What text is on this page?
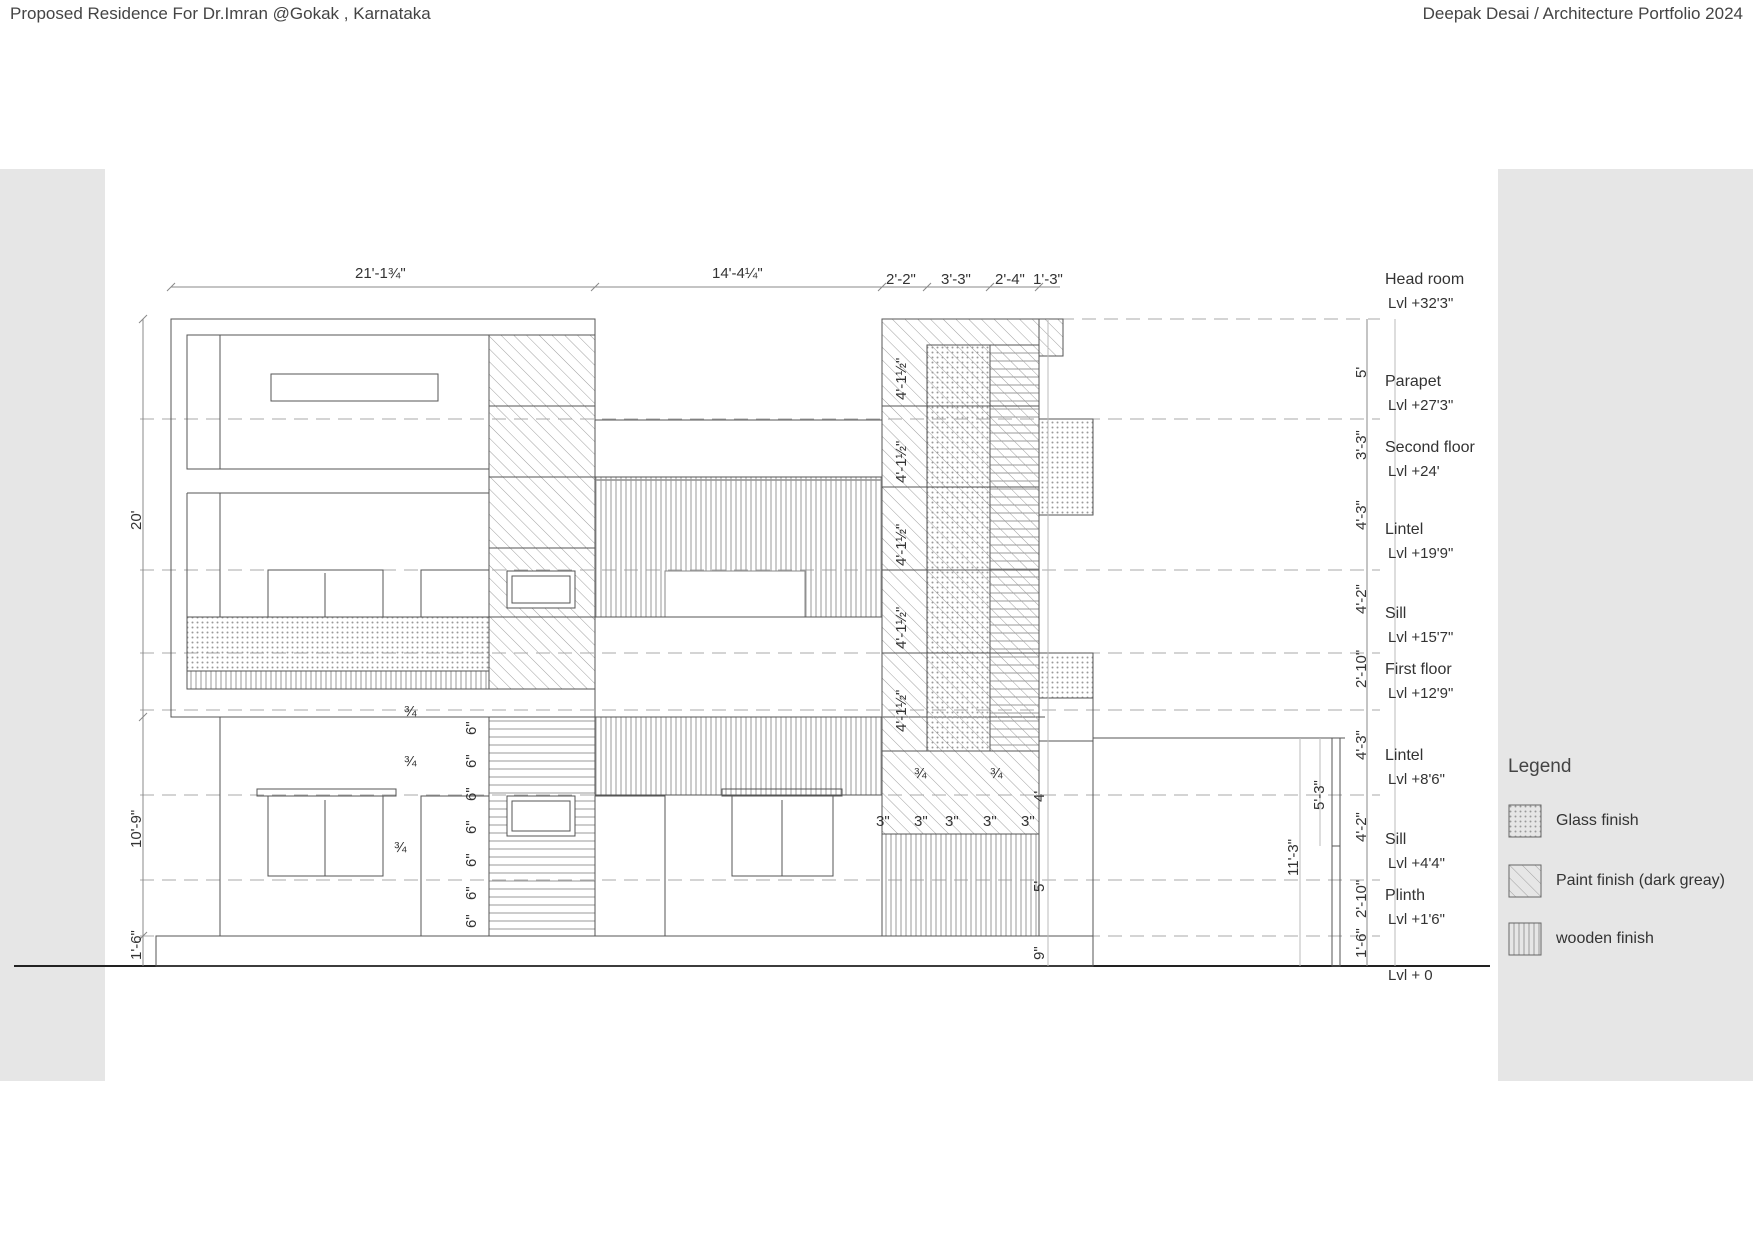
Proposed Residence For Dr.Imran @Gokak , Karnataka	Deepak Desai / Architecture Portfolio 2024
Head room
Lvl +32'3"
Parapet
Lvl +27'3"
Second floor
Lvl +24'
Lintel
Lvl +19'9"
Sill
Lvl +15'7"
First floor
Lvl +12'9"
Lintel
Lvl +8'6"
Sill
Lvl +4'4"
Plinth
Lvl +1'6"
Lvl + 0
5'
3'-3"
4'-3"
4'-2"
2'-10"
4'-3"
4'-2"
2'-10"
1'-6"
21'-1¾"	14'-4¼"	2'-2" 3'-3" 2'-4" 1'-3"
20'
10'-9"
1'-6"
4'-1½"
4'-1½"
4'-1½"
4'-1½"
4'-1½"
3" 3" 3" 3" 3"
¾	¾
4'
5'
9"
¾
¾
¾
6"
6"
6"
6"
6"
6"
6"
5'-3"
11'-3"
Legend
Glass finish
Paint finish (dark greay)
wooden finish
